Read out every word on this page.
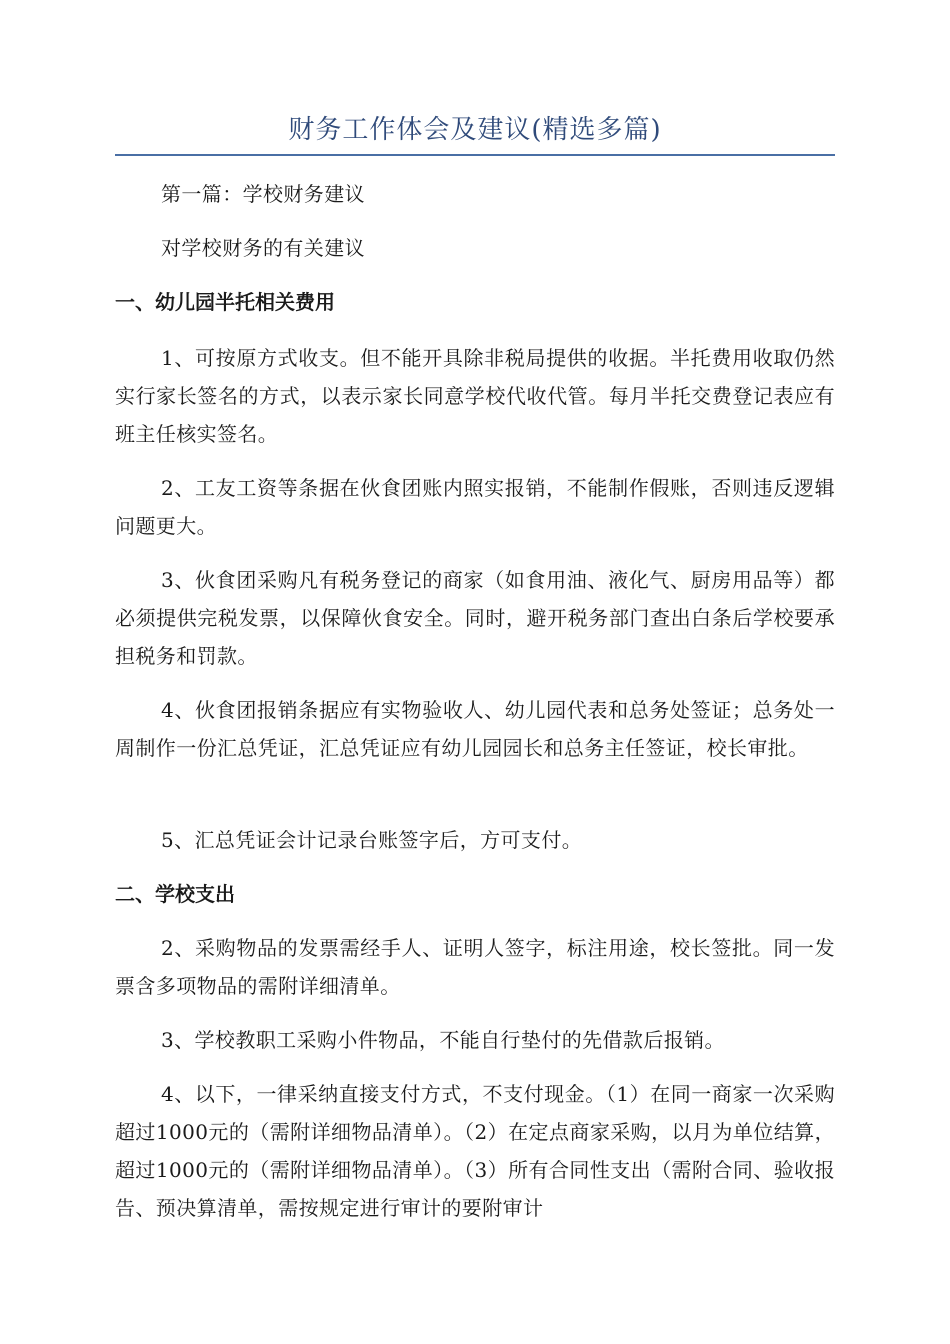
财务工作体会及建议(精选多篇)

第一篇：学校财务建议

对学校财务的有关建议

一、幼儿园半托相关费用

1、可按原方式收支。但不能开具除非税局提供的收据。半托费用收取仍然实行家长签名的方式，以表示家长同意学校代收代管。每月半托交费登记表应有班主任核实签名。

2、工友工资等条据在伙食团账内照实报销，不能制作假账，否则违反逻辑问题更大。

3、伙食团采购凡有税务登记的商家（如食用油、液化气、厨房用品等）都必须提供完税发票，以保障伙食安全。同时，避开税务部门查出白条后学校要承担税务和罚款。

4、伙食团报销条据应有实物验收人、幼儿园代表和总务处签证；总务处一周制作一份汇总凭证，汇总凭证应有幼儿园园长和总务主任签证，校长审批。

5、汇总凭证会计记录台账签字后，方可支付。

二、学校支出

2、采购物品的发票需经手人、证明人签字，标注用途，校长签批。同一发票含多项物品的需附详细清单。

3、学校教职工采购小件物品，不能自行垫付的先借款后报销。

4、以下，一律采纳直接支付方式，不支付现金。（1）在同一商家一次采购超过1000元的（需附详细物品清单）。（2）在定点商家采购，以月为单位结算，超过1000元的（需附详细物品清单）。（3）所有合同性支出（需附合同、验收报告、预决算清单，需按规定进行审计的要附审计
